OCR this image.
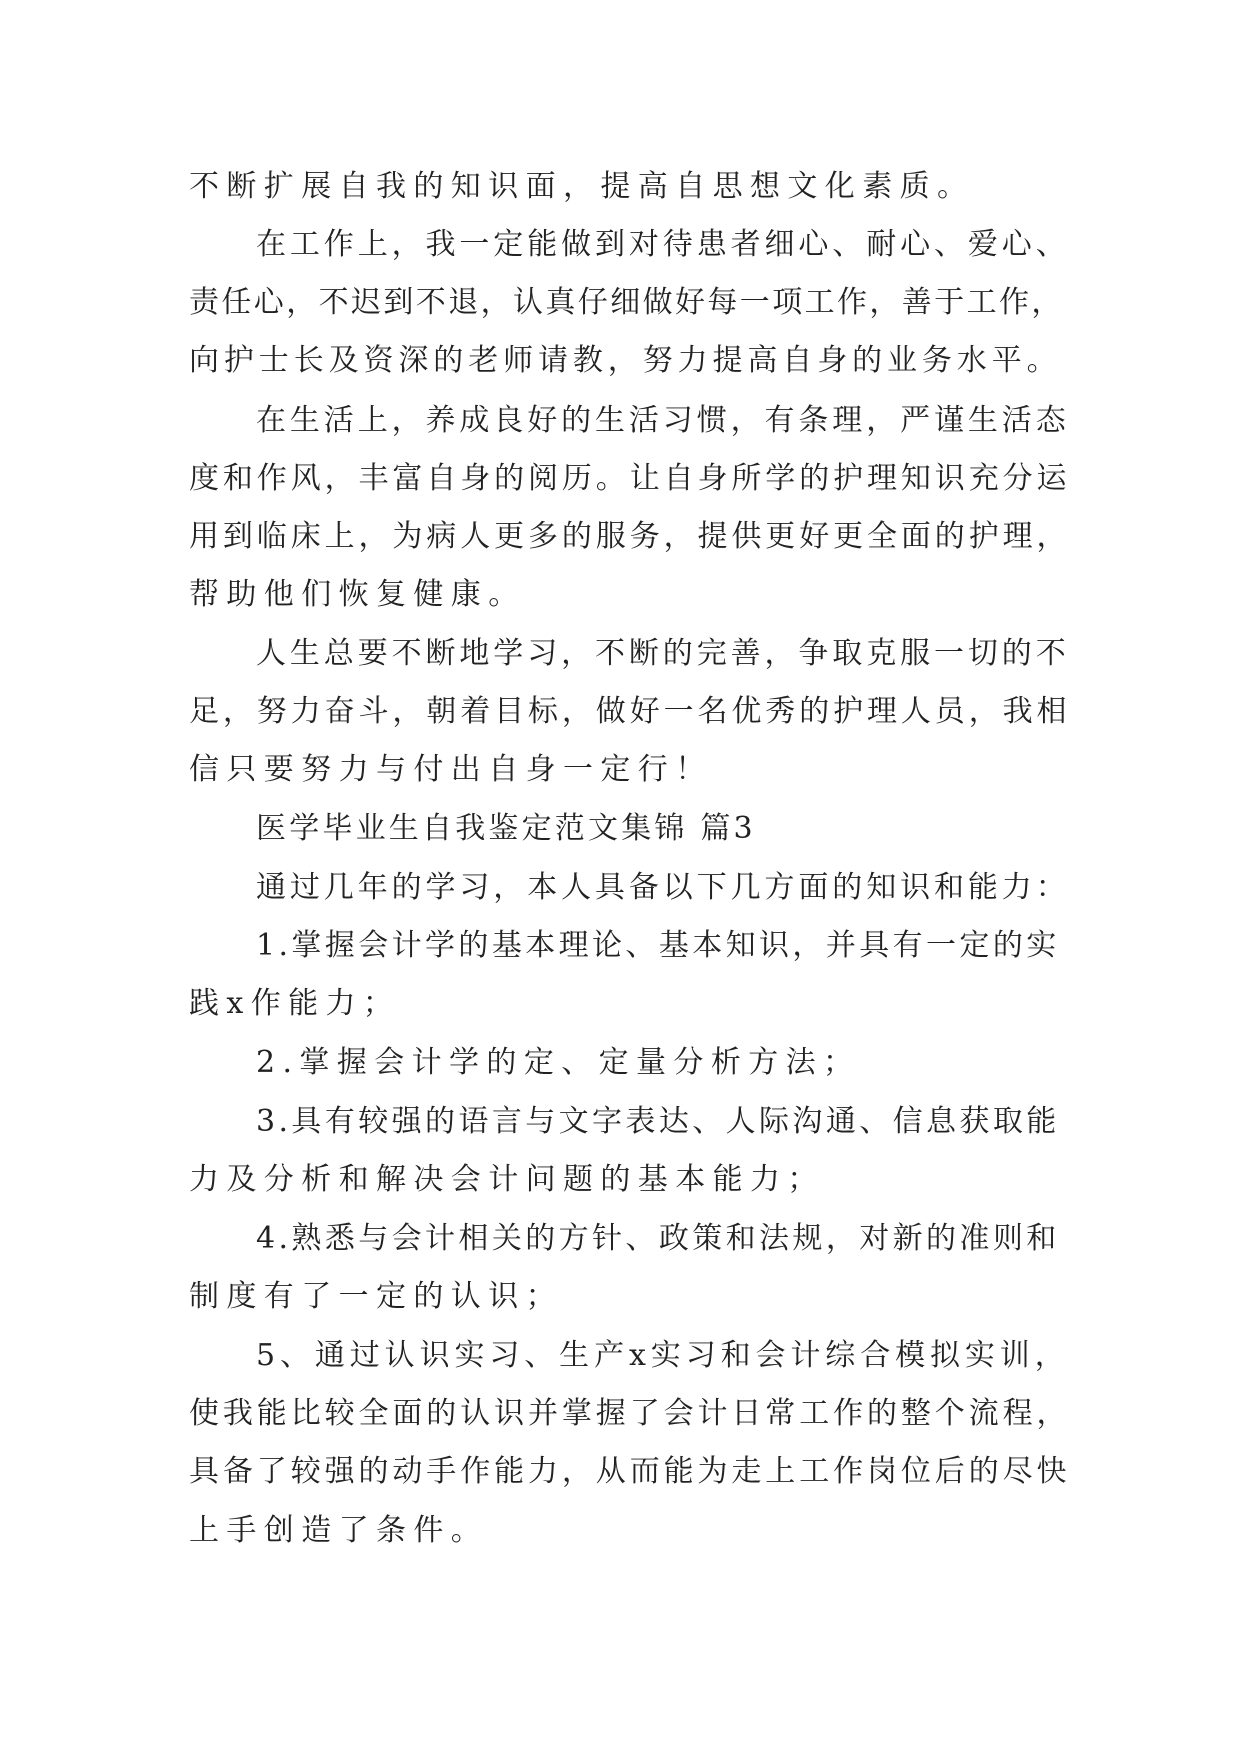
不断扩展自我的知识面，提高自思想文化素质。
在工作上，我一定能做到对待患者细心、耐心、爱心、
责任心，不迟到不退，认真仔细做好每一项工作，善于工作，
向护士长及资深的老师请教，努力提高自身的业务水平。
在生活上，养成良好的生活习惯，有条理，严谨生活态
度和作风，丰富自身的阅历。让自身所学的护理知识充分运
用到临床上，为病人更多的服务，提供更好更全面的护理，
帮助他们恢复健康。
人生总要不断地学习，不断的完善，争取克服一切的不
足，努力奋斗，朝着目标，做好一名优秀的护理人员，我相
信只要努力与付出自身一定行！
医学毕业生自我鉴定范文集锦 篇3
通过几年的学习，本人具备以下几方面的知识和能力：
1.掌握会计学的基本理论、基本知识，并具有一定的实
践x作能力；
2.掌握会计学的定、定量分析方法；
3.具有较强的语言与文字表达、人际沟通、信息获取能
力及分析和解决会计问题的基本能力；
4.熟悉与会计相关的方针、政策和法规，对新的准则和
制度有了一定的认识；
5、通过认识实习、生产x实习和会计综合模拟实训，
使我能比较全面的认识并掌握了会计日常工作的整个流程，
具备了较强的动手作能力，从而能为走上工作岗位后的尽快
上手创造了条件。
